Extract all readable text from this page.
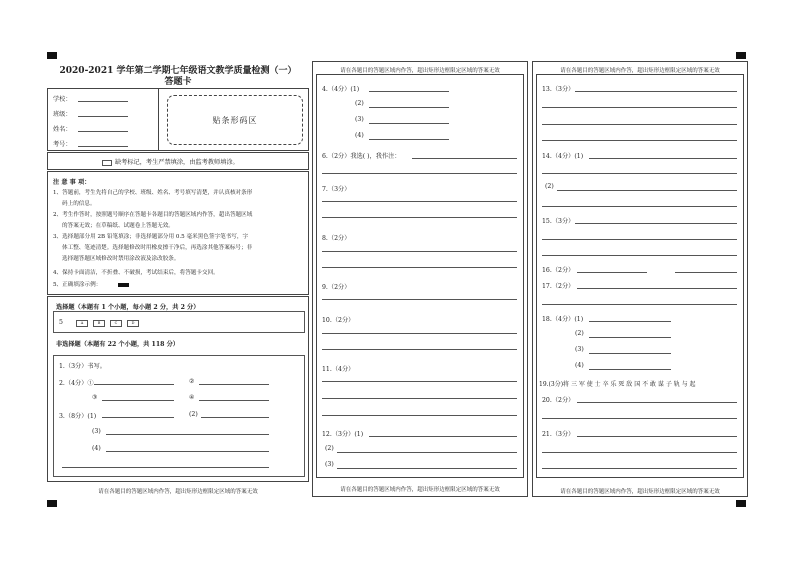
2020-2021 学年第二学期七年级语文教学质量检测（一）
答题卡
学校：
班级：
姓名：
考号：
贴条形码区
缺考标记，考生严禁填涂，由监考教师填涂。
注 意 事 项：
1、答题前，考生先将自己的学校、班级、姓名、考号填写清楚，并认真核对条形
码上的信息。
2、考生作答时，按照题号顺序在答题卡各题目的答题区域内作答，超出答题区域
的答案无效；在草稿纸、试题卷上答题无效。
3、选择题部分用 2B 铅笔填涂；非选择题部分用 0.5 毫米黑色签字笔书写，字
体工整、笔迹清楚。选择题修改时用橡皮擦干净后，再选涂其他答案标号；非
选择题答题区域修改时禁用涂改液及涂改胶条。
4、保持卡面清洁，不折叠、不破损，考试结束后，将答题卡交回。
5、正确填涂示例：
选择题（本题有 1 个小题，每小题 2 分，共 2 分）
5	A	B	C	D
非选择题（本题有 22 个小题，共 118 分）
1.（3分）书写。
2.（4分）①	②
③	④
3.（8分）(1)	(2)
(3)
(4)
请在各题目的答题区域内作答，超出矩形边框限定区域的答案无效
请在各题目的答题区域内作答，超出矩形边框限定区域的答案无效
4.（4分）(1)
(2)
(3)
(4)
6.（2分）我选( )，我作注：
7.（3分）
8.（2分）
9.（2分）
10.（2分）
11.（4分）
12.（3分）(1)
(2)
(3)
请在各题目的答题区域内作答，超出矩形边框限定区域的答案无效
请在各题目的答题区域内作答，超出矩形边框限定区域的答案无效
13.（3分）
14.（4分）(1)
(2)
15.（3分）
16.（2分）
17.（2分）
18.（4分）(1)
(2)
(3)
(4)
19.(3分)将 三 军 使 士 卒 乐 死 敌 国 不 敢 谋 子 轨 与 起
20.（2分）
21.（3分）
请在各题目的答题区域内作答，超出矩形边框限定区域的答案无效
